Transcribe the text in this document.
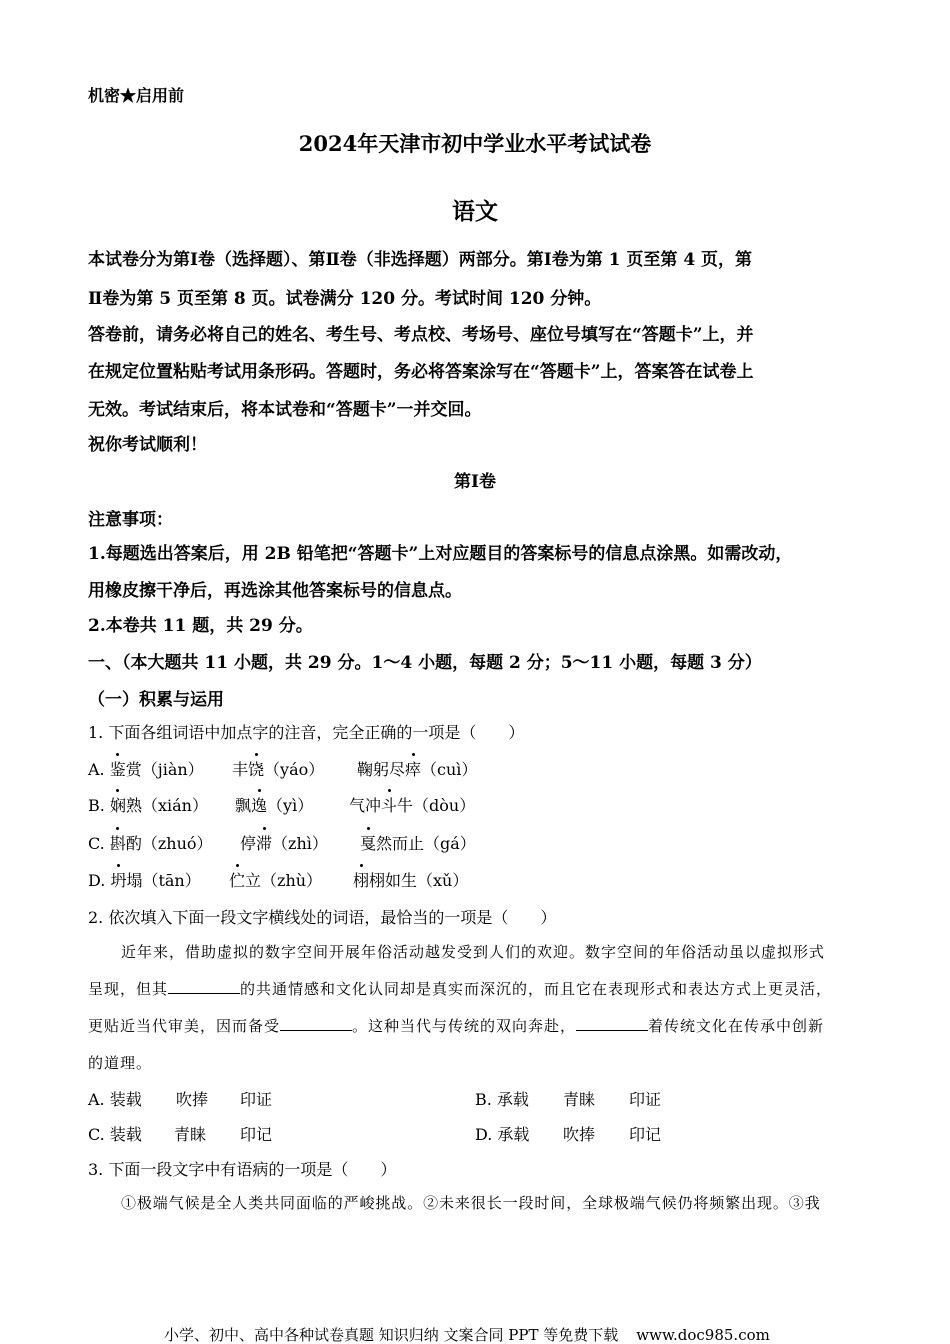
机密★启用前
2024年天津市初中学业水平考试试卷
语文
本试卷分为第Ⅰ卷（选择题）、第Ⅱ卷（非选择题）两部分。第Ⅰ卷为第 1 页至第 4 页，第
Ⅱ卷为第 5 页至第 8 页。试卷满分 120 分。考试时间 120 分钟。
答卷前，请务必将自己的姓名、考生号、考点校、考场号、座位号填写在“答题卡”上，并
在规定位置粘贴考试用条形码。答题时，务必将答案涂写在“答题卡”上，答案答在试卷上
无效。考试结束后，将本试卷和“答题卡”一并交回。
祝你考试顺利！
第Ⅰ卷
注意事项：
1.每题选出答案后，用 2B 铅笔把“答题卡”上对应题目的答案标号的信息点涂黑。如需改动，
用橡皮擦干净后，再选涂其他答案标号的信息点。
2.本卷共 11 题，共 29 分。
一、（本大题共 11 小题，共 29 分。1～4 小题，每题 2 分；5～11 小题，每题 3 分）
（一）积累与运用
1. 下面各组词语中加点字的注音，完全正确的一项是（　　）
A. 鉴赏（jiàn） 丰饶（yáo） 鞠躬尽瘁（cuì）
B. 娴熟（xián） 飘逸（yì） 气冲斗牛（dòu）
C. 斟酌（zhuó） 停滞（zhì） 戛然而止（gá）
D. 坍塌（tān） 伫立（zhù） 栩栩如生（xǔ）
2. 依次填入下面一段文字横线处的词语，最恰当的一项是（　　）
近年来，借助虚拟的数字空间开展年俗活动越发受到人们的欢迎。数字空间的年俗活动虽以虚拟形式
呈现，但其	的共通情感和文化认同却是真实而深沉的，而且它在表现形式和表达方式上更灵活，
更贴近当代审美，因而备受	。这种当代与传统的双向奔赴，	着传统文化在传承中创新
的道理。
A. 装载 吹捧 印证	B. 承载 青睐 印证
C. 装载 青睐 印记	D. 承载 吹捧 印记
3. 下面一段文字中有语病的一项是（　　）
①极端气候是全人类共同面临的严峻挑战。②未来很长一段时间，全球极端气候仍将频繁出现。③我
小学、初中、高中各种试卷真题 知识归纳 文案合同 PPT 等免费下载 www.doc985.com
